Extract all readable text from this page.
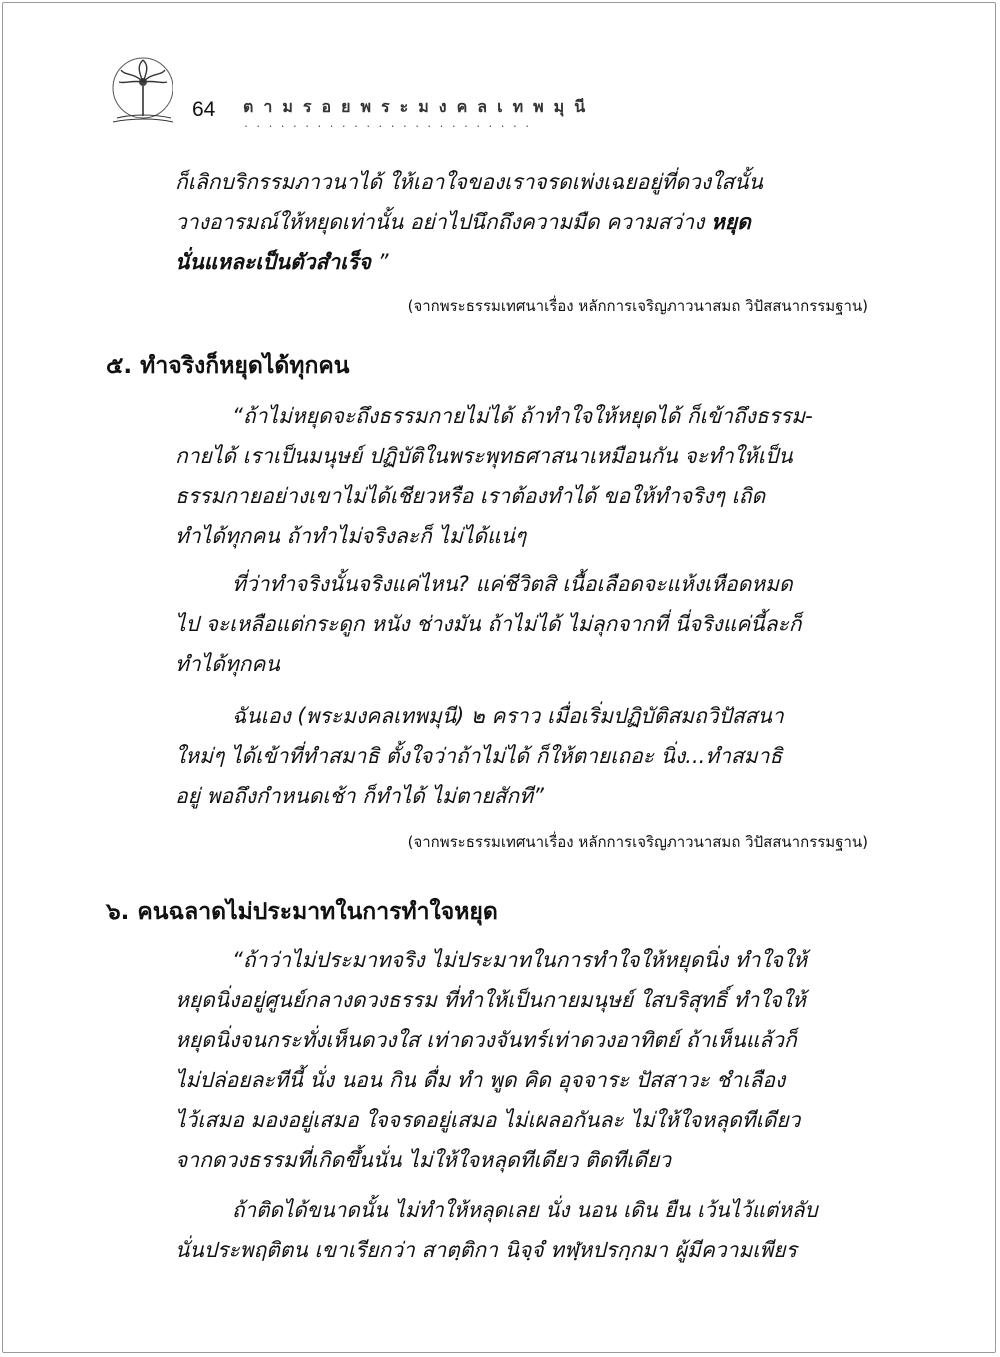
64 ตามรอยพระมงคลเทพมุนี
........................
ก็เลิกบริกรรมภาวนาได้ ให้เอาใจของเราจรดเพ่งเฉยอยู่ที่ดวงใสนั้น
วางอารมณ์ให้หยุดเท่านั้น อย่าไปนึกถึงความมืด ความสว่าง หยุด
นั่นแหละเป็นตัวสำเร็จ ”
(จากพระธรรมเทศนาเรื่อง หลักการเจริญภาวนาสมถ วิปัสสนากรรมฐาน)
๕. ทำจริงก็หยุดได้ทุกคน
“ถ้าไม่หยุดจะถึงธรรมกายไม่ได้ ถ้าทำใจให้หยุดได้ ก็เข้าถึงธรรม-
กายได้ เราเป็นมนุษย์ ปฏิบัติในพระพุทธศาสนาเหมือนกัน จะทำให้เป็น
ธรรมกายอย่างเขาไม่ได้เชียวหรือ เราต้องทำได้ ขอให้ทำจริงๆ เถิด
ทำได้ทุกคน ถ้าทำไม่จริงละก็ ไม่ได้แน่ๆ
ที่ว่าทำจริงนั้นจริงแค่ไหน? แค่ชีวิตสิ เนื้อเลือดจะแห้งเหือดหมด
ไป จะเหลือแต่กระดูก หนัง ช่างมัน ถ้าไม่ได้ ไม่ลุกจากที่ นี่จริงแค่นี้ละก็
ทำได้ทุกคน
ฉันเอง (พระมงคลเทพมุนี) ๒ คราว เมื่อเริ่มปฏิบัติสมถวิปัสสนา
ใหม่ๆ ได้เข้าที่ทำสมาธิ ตั้งใจว่าถ้าไม่ได้ ก็ให้ตายเถอะ นิ่ง...ทำสมาธิ
อยู่ พอถึงกำหนดเช้า ก็ทำได้ ไม่ตายสักที”
(จากพระธรรมเทศนาเรื่อง หลักการเจริญภาวนาสมถ วิปัสสนากรรมฐาน)
๖. คนฉลาดไม่ประมาทในการทำใจหยุด
“ถ้าว่าไม่ประมาทจริง ไม่ประมาทในการทำใจให้หยุดนิ่ง ทำใจให้
หยุดนิ่งอยู่ศูนย์กลางดวงธรรม ที่ทำให้เป็นกายมนุษย์ ใสบริสุทธิ์ ทำใจให้
หยุดนิ่งจนกระทั่งเห็นดวงใส เท่าดวงจันทร์เท่าดวงอาทิตย์ ถ้าเห็นแล้วก็
ไม่ปล่อยละทีนี้ นั่ง นอน กิน ดื่ม ทำ พูด คิด อุจจาระ ปัสสาวะ ชำเลือง
ไว้เสมอ มองอยู่เสมอ ใจจรดอยู่เสมอ ไม่เผลอกันละ ไม่ให้ใจหลุดทีเดียว
จากดวงธรรมที่เกิดขึ้นนั่น ไม่ให้ใจหลุดทีเดียว ติดทีเดียว
ถ้าติดได้ขนาดนั้น ไม่ทำให้หลุดเลย นั่ง นอน เดิน ยืน เว้นไว้แต่หลับ
นั่นประพฤติตน เขาเรียกว่า สาตฺติกา นิจฺจํ ทฬฺหปรกฺกมา ผู้มีความเพียร
